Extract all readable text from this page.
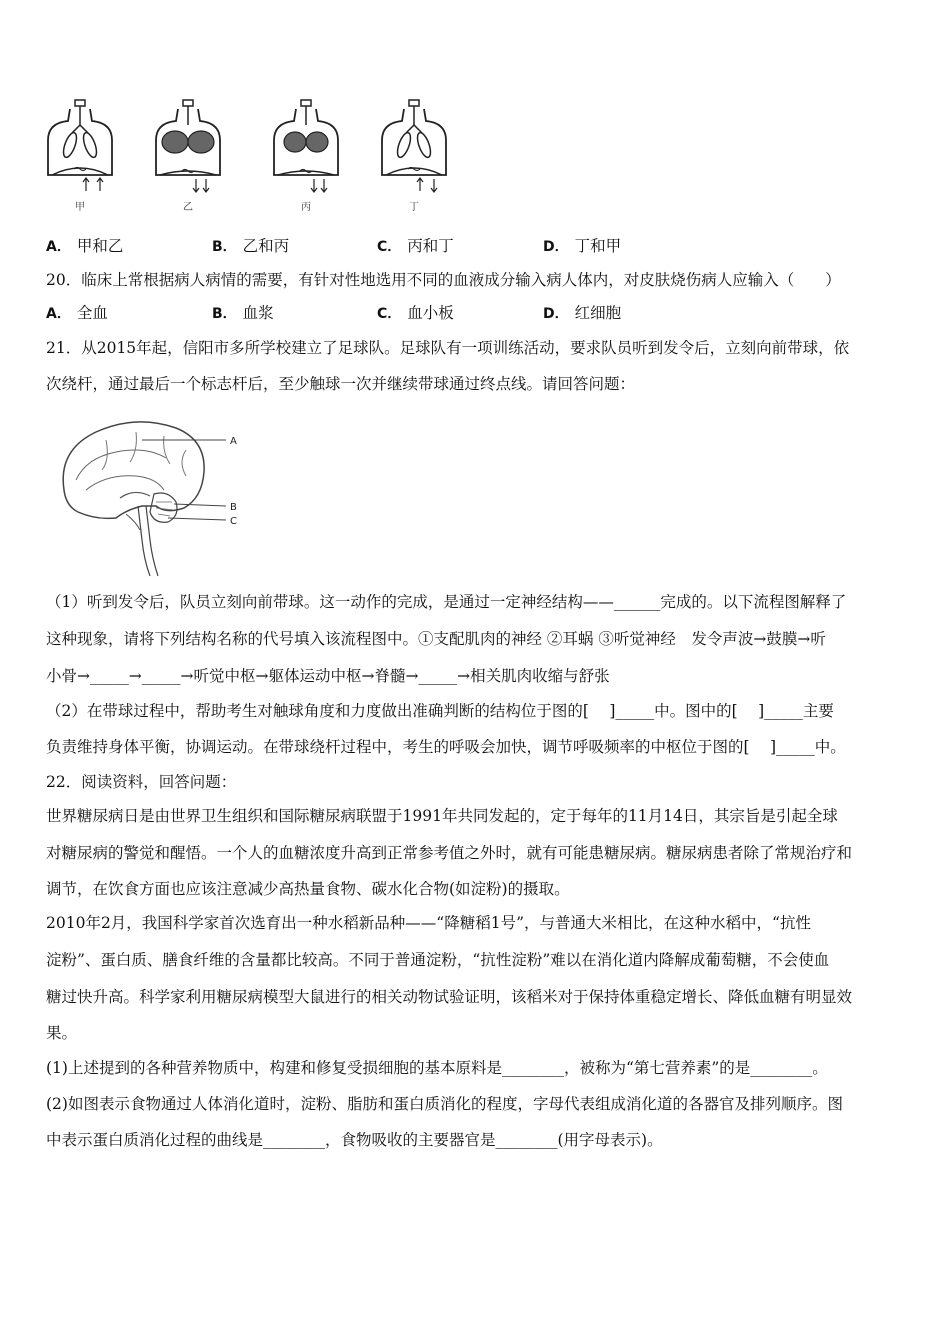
甲	乙	丙	丁
A． 甲和乙	B． 乙和丙	C． 丙和丁	D． 丁和甲
20．临床上常根据病人病情的需要，有针对性地选用不同的血液成分输入病人体内，对皮肤烧伤病人应输入（　　）
A． 全血	B． 血浆	C． 血小板	D． 红细胞
21．从2015年起，信阳市多所学校建立了足球队。足球队有一项训练活动，要求队员听到发令后，立刻向前带球，依
次绕杆，通过最后一个标志杆后，至少触球一次并继续带球通过终点线。请回答问题：
A
B
C
（1）听到发令后，队员立刻向前带球。这一动作的完成，是通过一定神经结构——______完成的。以下流程图解释了
这种现象，请将下列结构名称的代号填入该流程图中。①支配肌肉的神经 ②耳蜗 ③听觉神经　发令声波→鼓膜→听
小骨→_____→_____→听觉中枢→躯体运动中枢→脊髓→_____→相关肌肉收缩与舒张
（2）在带球过程中，帮助考生对触球角度和力度做出准确判断的结构位于图的[　 ]_____中。图中的[　 ]_____主要
负责维持身体平衡，协调运动。在带球绕杆过程中，考生的呼吸会加快，调节呼吸频率的中枢位于图的[　 ]_____中。
22．阅读资料，回答问题：
世界糖尿病日是由世界卫生组织和国际糖尿病联盟于1991年共同发起的，定于每年的11月14日，其宗旨是引起全球
对糖尿病的警觉和醒悟。一个人的血糖浓度升高到正常参考值之外时，就有可能患糖尿病。糖尿病患者除了常规治疗和
调节，在饮食方面也应该注意减少高热量食物、碳水化合物(如淀粉)的摄取。
2010年2月，我国科学家首次选育出一种水稻新品种——“降糖稻1号”，与普通大米相比，在这种水稻中，“抗性
淀粉”、蛋白质、膳食纤维的含量都比较高。不同于普通淀粉，“抗性淀粉”难以在消化道内降解成葡萄糖，不会使血
糖过快升高。科学家利用糖尿病模型大鼠进行的相关动物试验证明，该稻米对于保持体重稳定增长、降低血糖有明显效
果。
(1)上述提到的各种营养物质中，构建和修复受损细胞的基本原料是________，被称为“第七营养素”的是________。
(2)如图表示食物通过人体消化道时，淀粉、脂肪和蛋白质消化的程度，字母代表组成消化道的各器官及排列顺序。图
中表示蛋白质消化过程的曲线是________，食物吸收的主要器官是________(用字母表示)。
